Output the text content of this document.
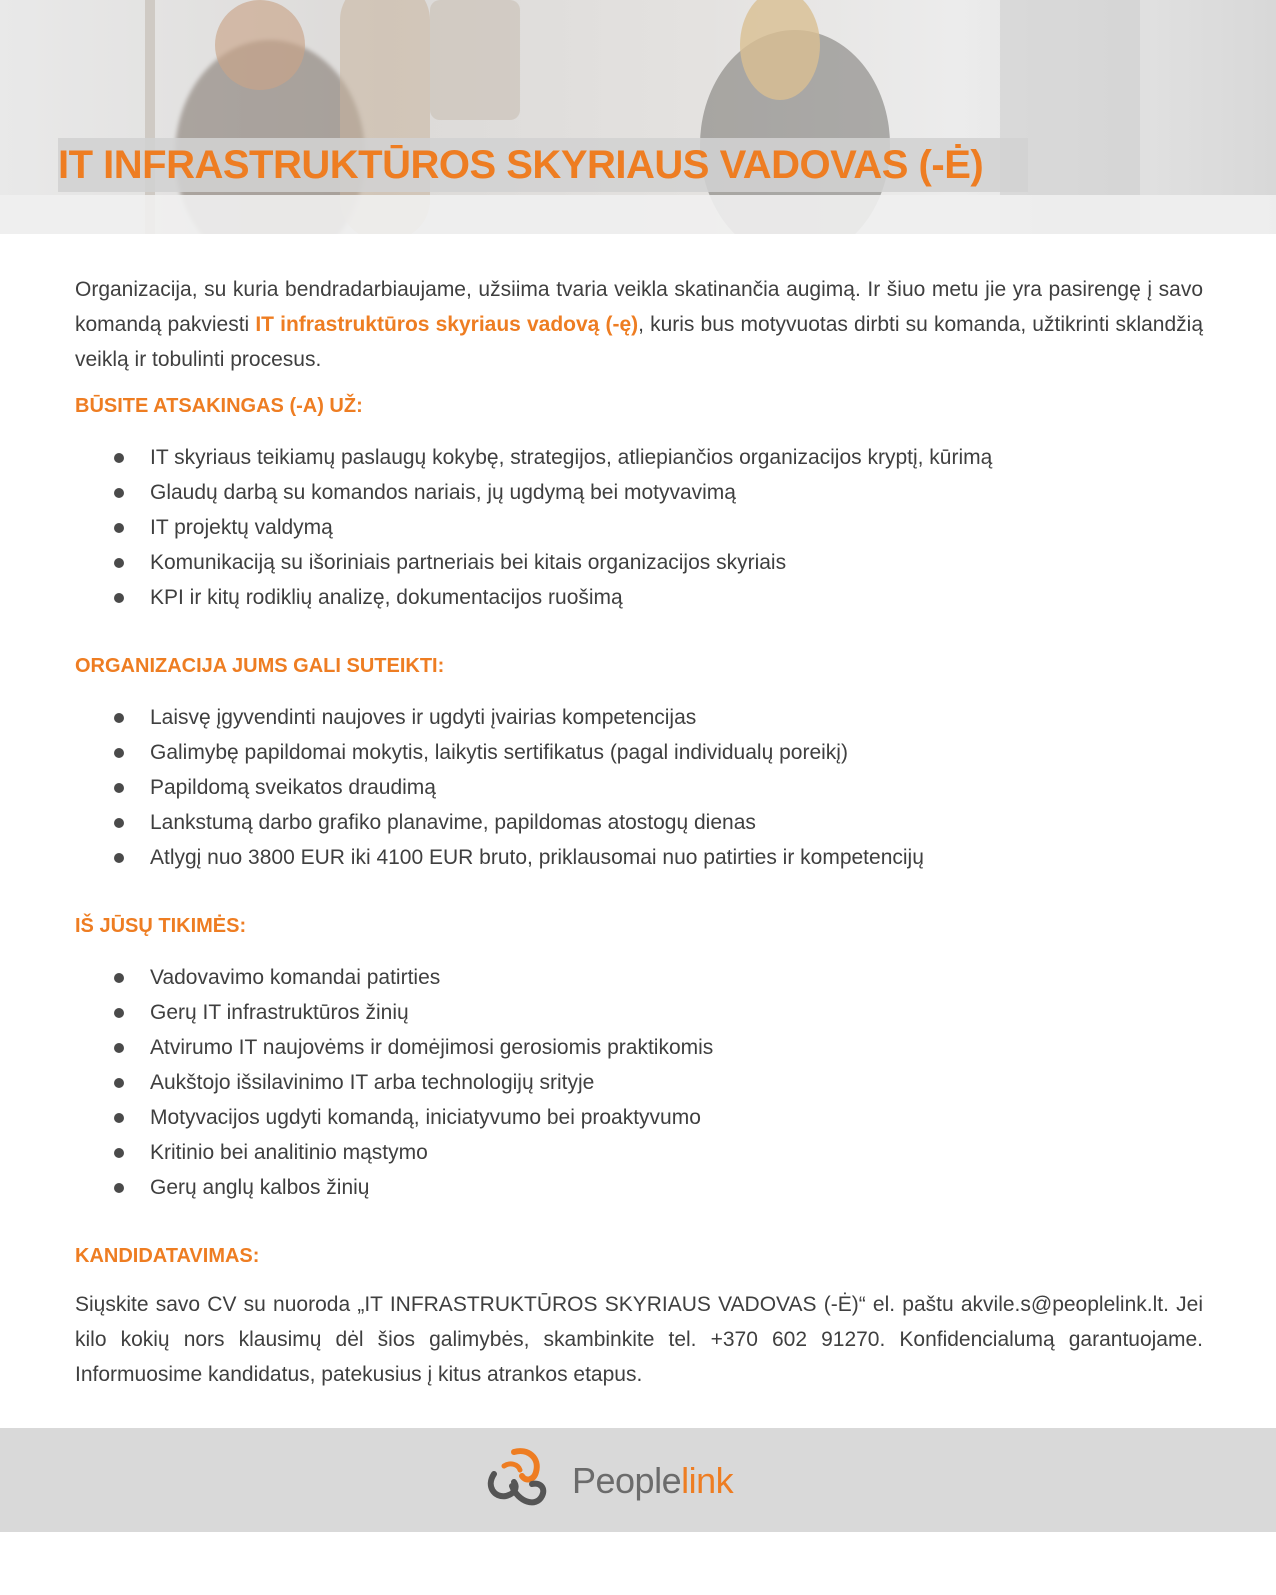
IT INFRASTRUKTŪROS SKYRIAUS VADOVAS (-Ė)
Organizacija, su kuria bendradarbiaujame, užsiima tvaria veikla skatinančia augimą. Ir šiuo metu jie yra pasirengę į savo komandą pakviesti IT infrastruktūros skyriaus vadovą (-ę), kuris bus motyvuotas dirbti su komanda, užtikrinti sklandžią veiklą ir tobulinti procesus.
BŪSITE ATSAKINGAS (-A) UŽ:
IT skyriaus teikiamų paslaugų kokybę, strategijos, atliepiančios organizacijos kryptį, kūrimą
Glaudų darbą su komandos nariais, jų ugdymą bei motyvavimą
IT projektų valdymą
Komunikaciją su išoriniais partneriais bei kitais organizacijos skyriais
KPI ir kitų rodiklių analizę, dokumentacijos ruošimą
ORGANIZACIJA JUMS GALI SUTEIKTI:
Laisvę įgyvendinti naujoves ir ugdyti įvairias kompetencijas
Galimybę papildomai mokytis, laikytis sertifikatus (pagal individualų poreikį)
Papildomą sveikatos draudimą
Lankstumą darbo grafiko planavime, papildomas atostogų dienas
Atlygį nuo 3800 EUR iki 4100 EUR bruto, priklausomai nuo patirties ir kompetencijų
IŠ JŪSŲ TIKIMĖS:
Vadovavimo komandai patirties
Gerų IT infrastruktūros žinių
Atvirumo IT naujovėms ir domėjimosi gerosiomis praktikomis
Aukštojo išsilavinimo IT arba technologijų srityje
Motyvacijos ugdyti komandą, iniciatyvumo bei proaktyvumo
Kritinio bei analitinio mąstymo
Gerų anglų kalbos žinių
KANDIDATAVIMAS:
Siųskite savo CV su nuoroda „IT INFRASTRUKTŪROS SKYRIAUS VADOVAS (-Ė)“ el. paštu akvile.s@peoplelink.lt. Jei kilo kokių nors klausimų dėl šios galimybės, skambinkite tel. +370 602 91270. Konfidencialumą garantuojame. Informuosime kandidatus, patekusius į kitus atrankos etapus.
Peoplelink
